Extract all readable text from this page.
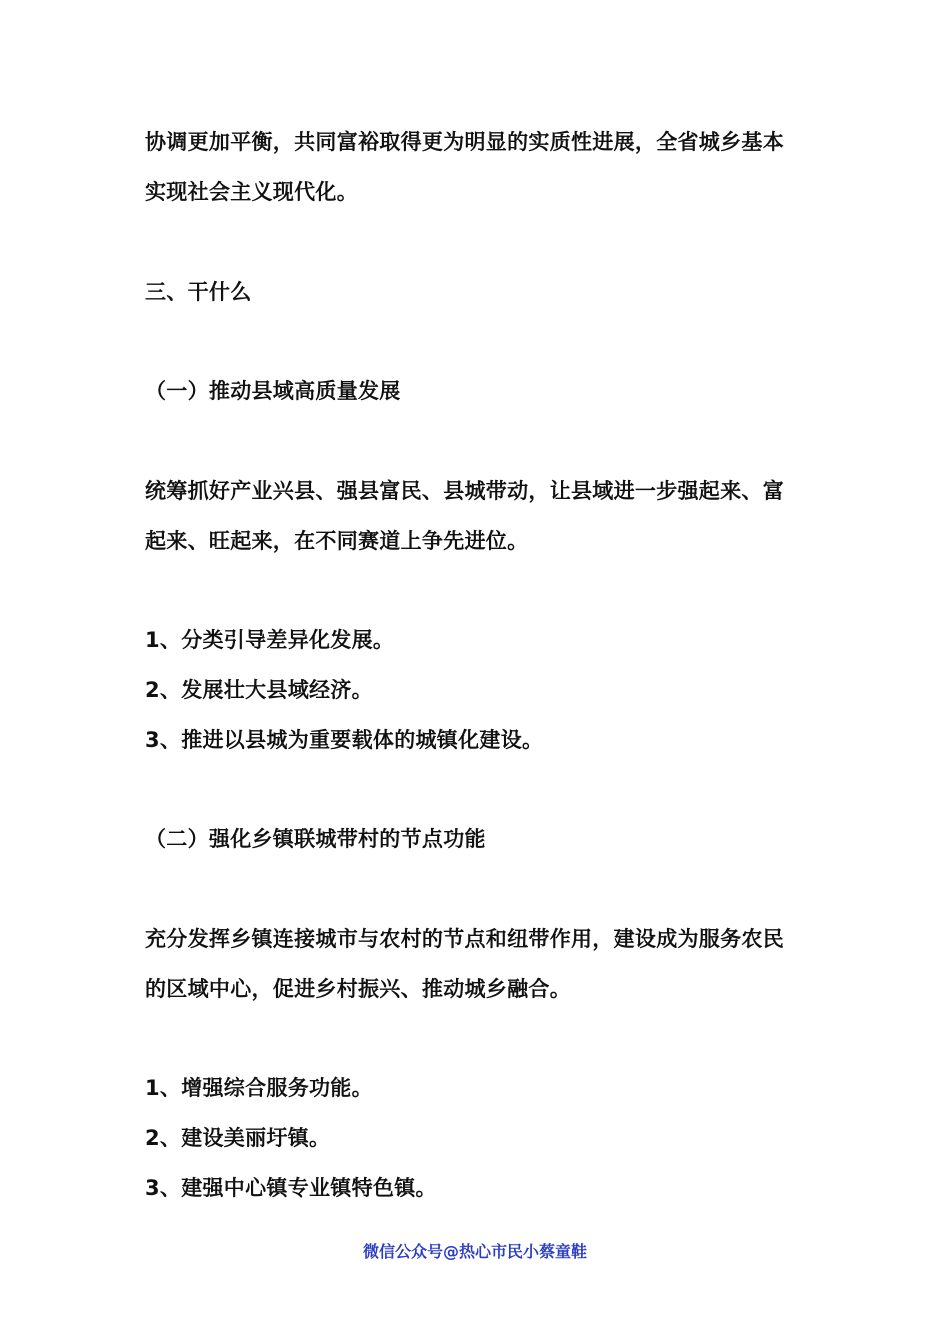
协调更加平衡，共同富裕取得更为明显的实质性进展，全省城乡基本
实现社会主义现代化。
三、干什么
（一）推动县域高质量发展
统筹抓好产业兴县、强县富民、县城带动，让县域进一步强起来、富
起来、旺起来，在不同赛道上争先进位。
1、分类引导差异化发展。
2、发展壮大县域经济。
3、推进以县城为重要载体的城镇化建设。
（二）强化乡镇联城带村的节点功能
充分发挥乡镇连接城市与农村的节点和纽带作用，建设成为服务农民
的区域中心，促进乡村振兴、推动城乡融合。
1、增强综合服务功能。
2、建设美丽圩镇。
3、建强中心镇专业镇特色镇。
微信公众号@热心市民小蔡童鞋
